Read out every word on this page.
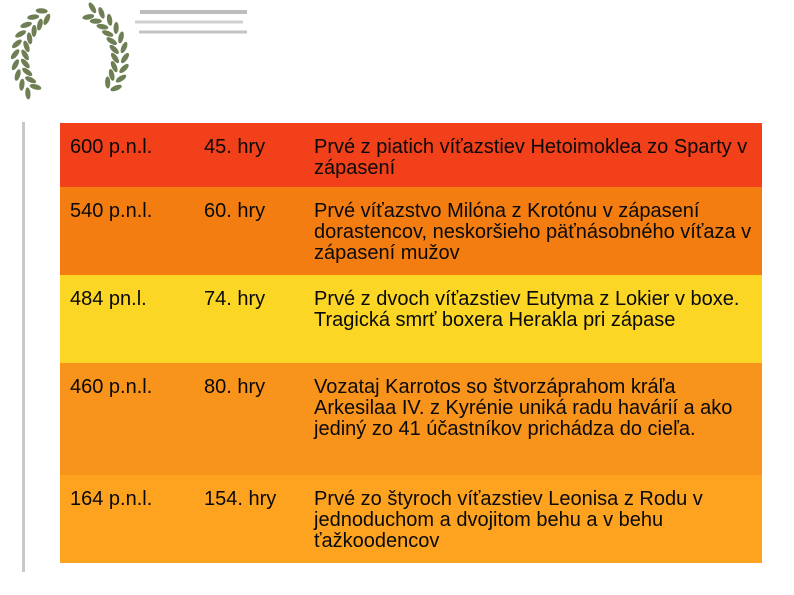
600 p.n.l.	45. hry	Prvé z piatich víťazstiev Hetoimoklea zo Sparty v zápasení
540 p.n.l.	60. hry	Prvé víťazstvo Milóna z Krotónu v zápasení dorastencov, neskoršieho päťnásobného víťaza v zápasení mužov
484 pn.l.	74. hry	Prvé z dvoch víťazstiev Eutyma z Lokier v boxe. Tragická smrť boxera Herakla pri zápase
460 p.n.l.	80. hry	Vozataj Karrotos so štvorzáprahom kráľa Arkesilaa IV. z Kyrénie uniká radu havárií a ako jediný zo 41 účastníkov prichádza do cieľa.
164 p.n.l.	154. hry	Prvé zo štyroch víťazstiev Leonisa z Rodu v jednoduchom a dvojitom behu a v behu ťažkoodencov
